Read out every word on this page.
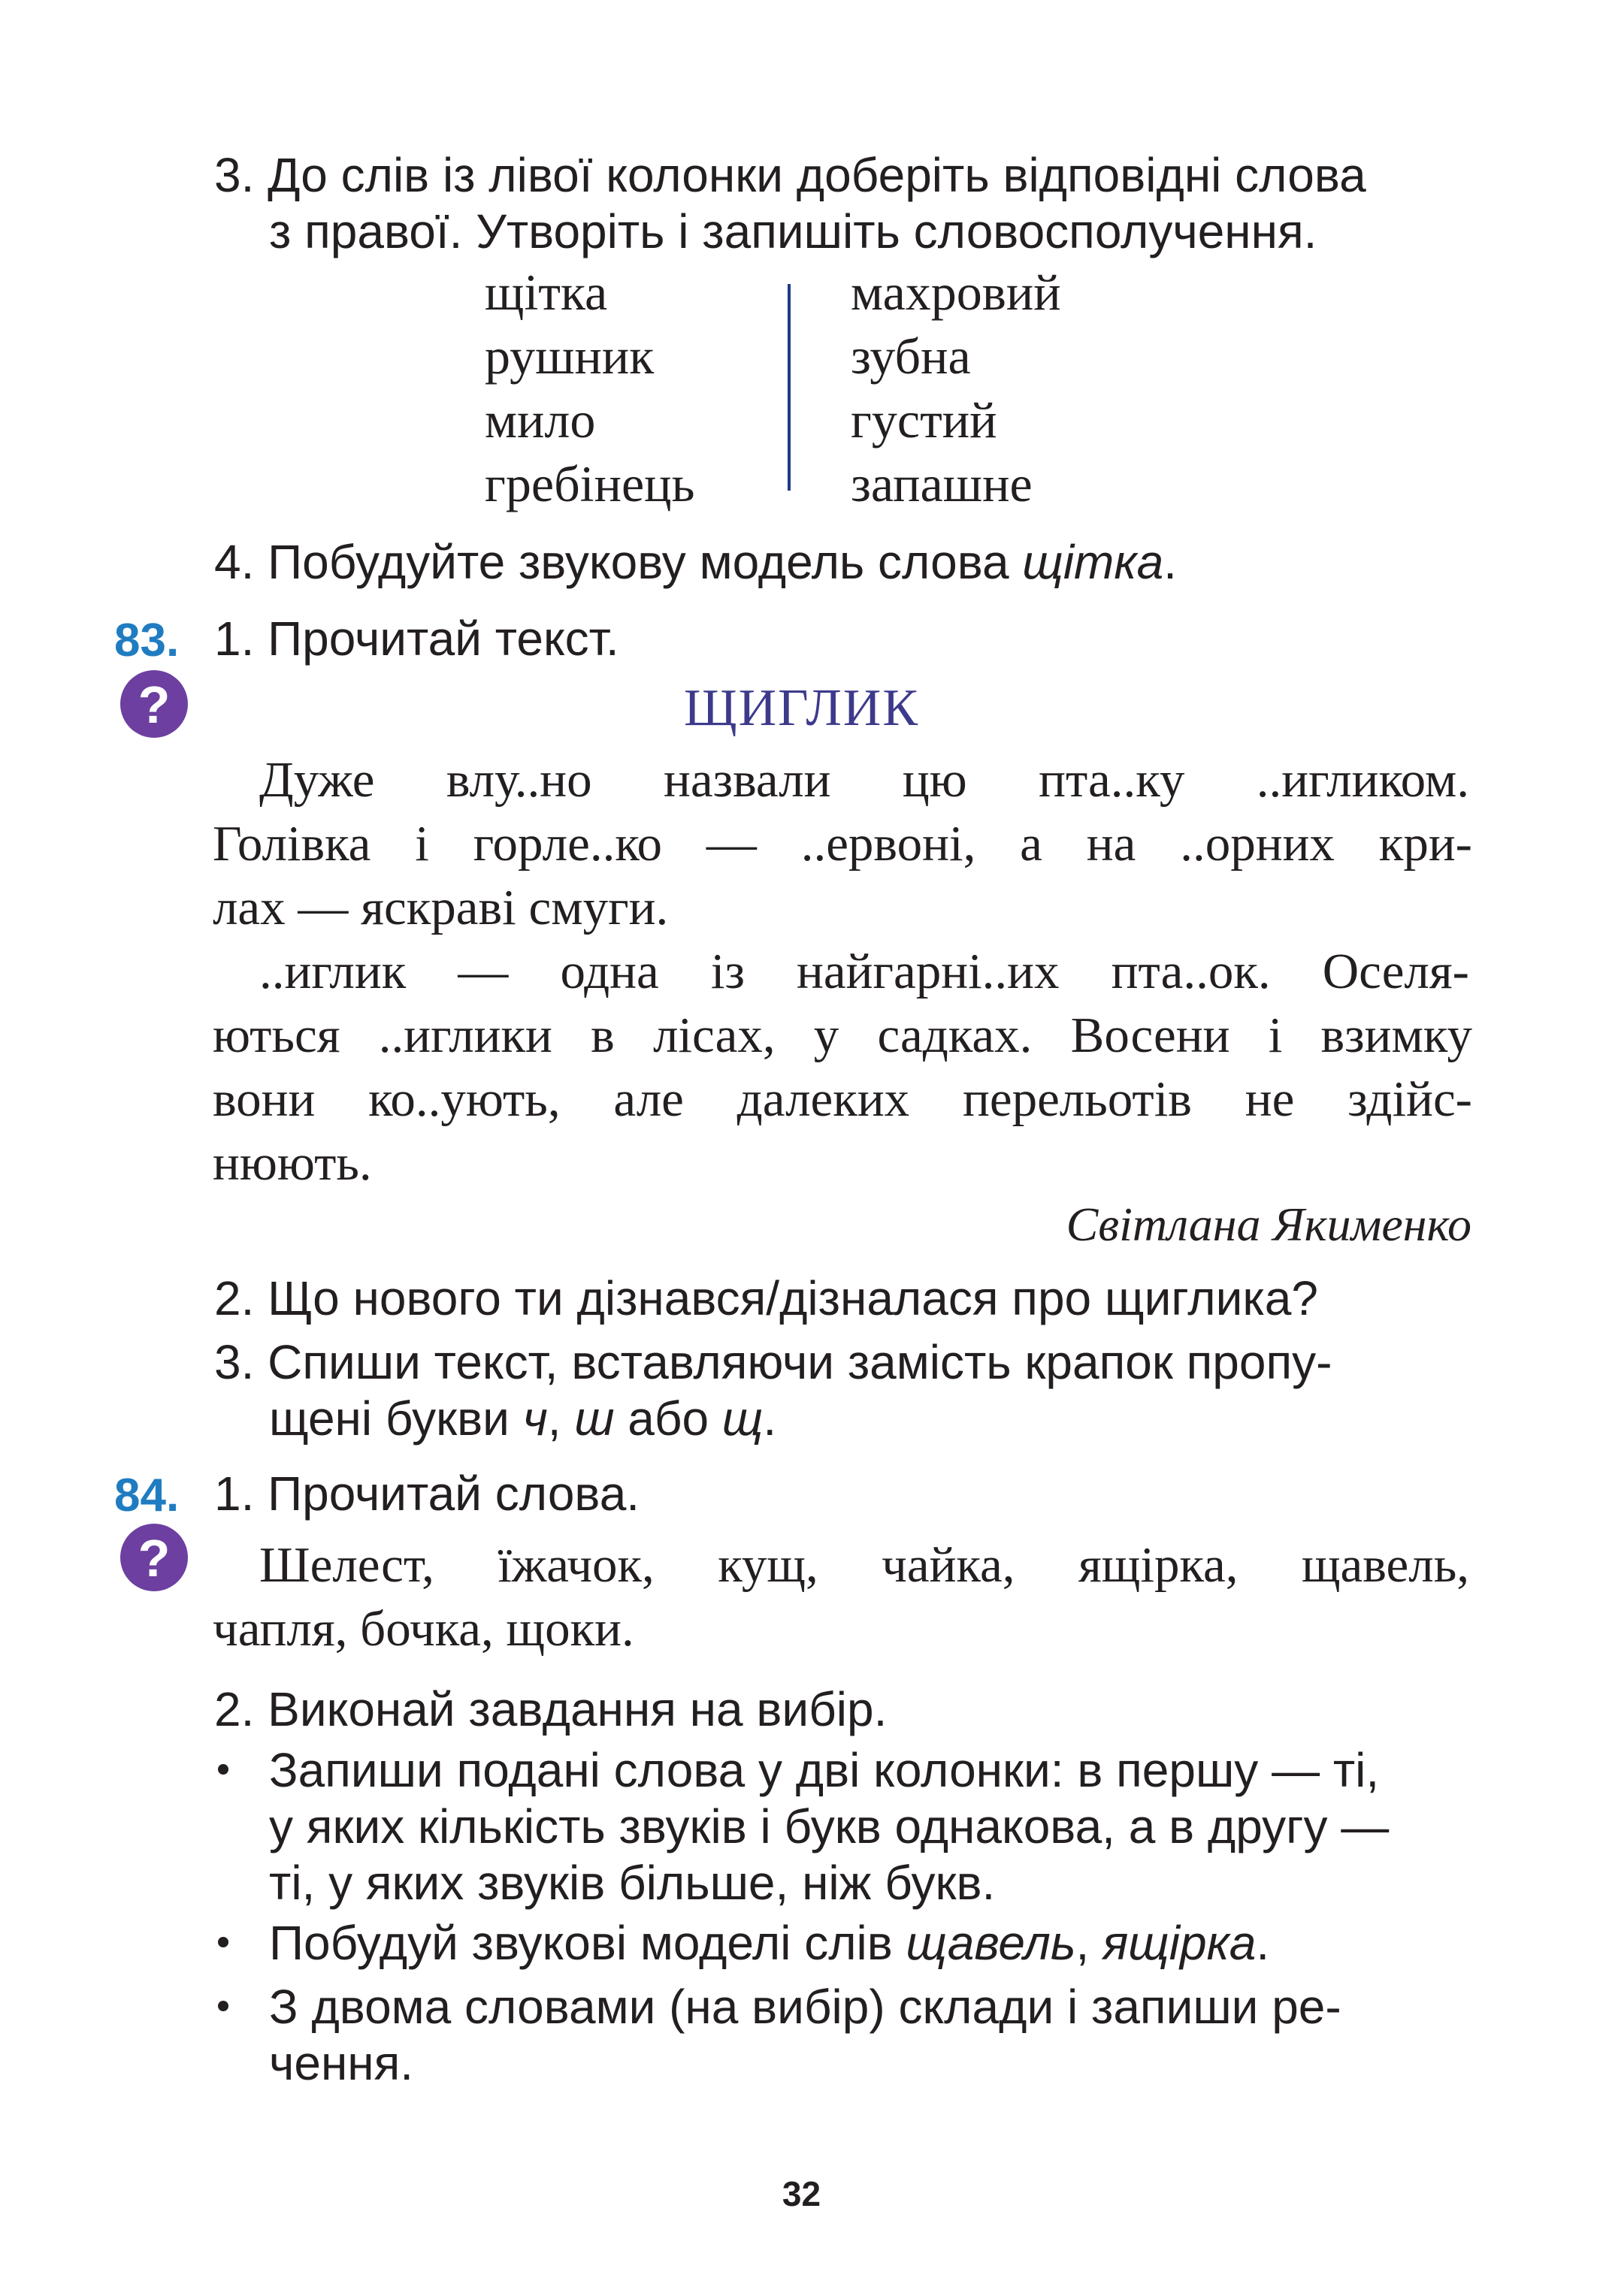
3. До слів із лівої колонки доберіть відповідні слова
з правої. Утворіть і запишіть словосполучення.
щітка
рушник
мило
гребінець
махровий
зубна
густий
запашне
4. Побудуйте звукову модель слова щітка.
83.
?
1. Прочитай текст.
ЩИГЛИК
Дуже влу..но назвали цю пта..ку ..игликом.
Голівка і горле..ко — ..ервоні, а на ..орних кри-
лах — яскраві смуги.
..иглик — одна із найгарні..их пта..ок. Оселя-
ються ..иглики в лісах, у садках. Восени і взимку
вони ко..ують, але далеких перельотів не здійс-
нюють.
Світлана Якименко
2. Що нового ти дізнався/дізналася про щиглика?
3. Спиши текст, вставляючи замість крапок пропу-
щені букви ч, ш або щ.
84.
?
1. Прочитай слова.
Шелест, їжачок, кущ, чайка, ящірка, щавель,
чапля, бочка, щоки.
2. Виконай завдання на вибір.
Запиши подані слова у дві колонки: в першу — ті,
у яких кількість звуків і букв однакова, а в другу —
ті, у яких звуків більше, ніж букв.
Побудуй звукові моделі слів щавель, ящірка.
З двома словами (на вибір) склади і запиши ре-
чення.
32
